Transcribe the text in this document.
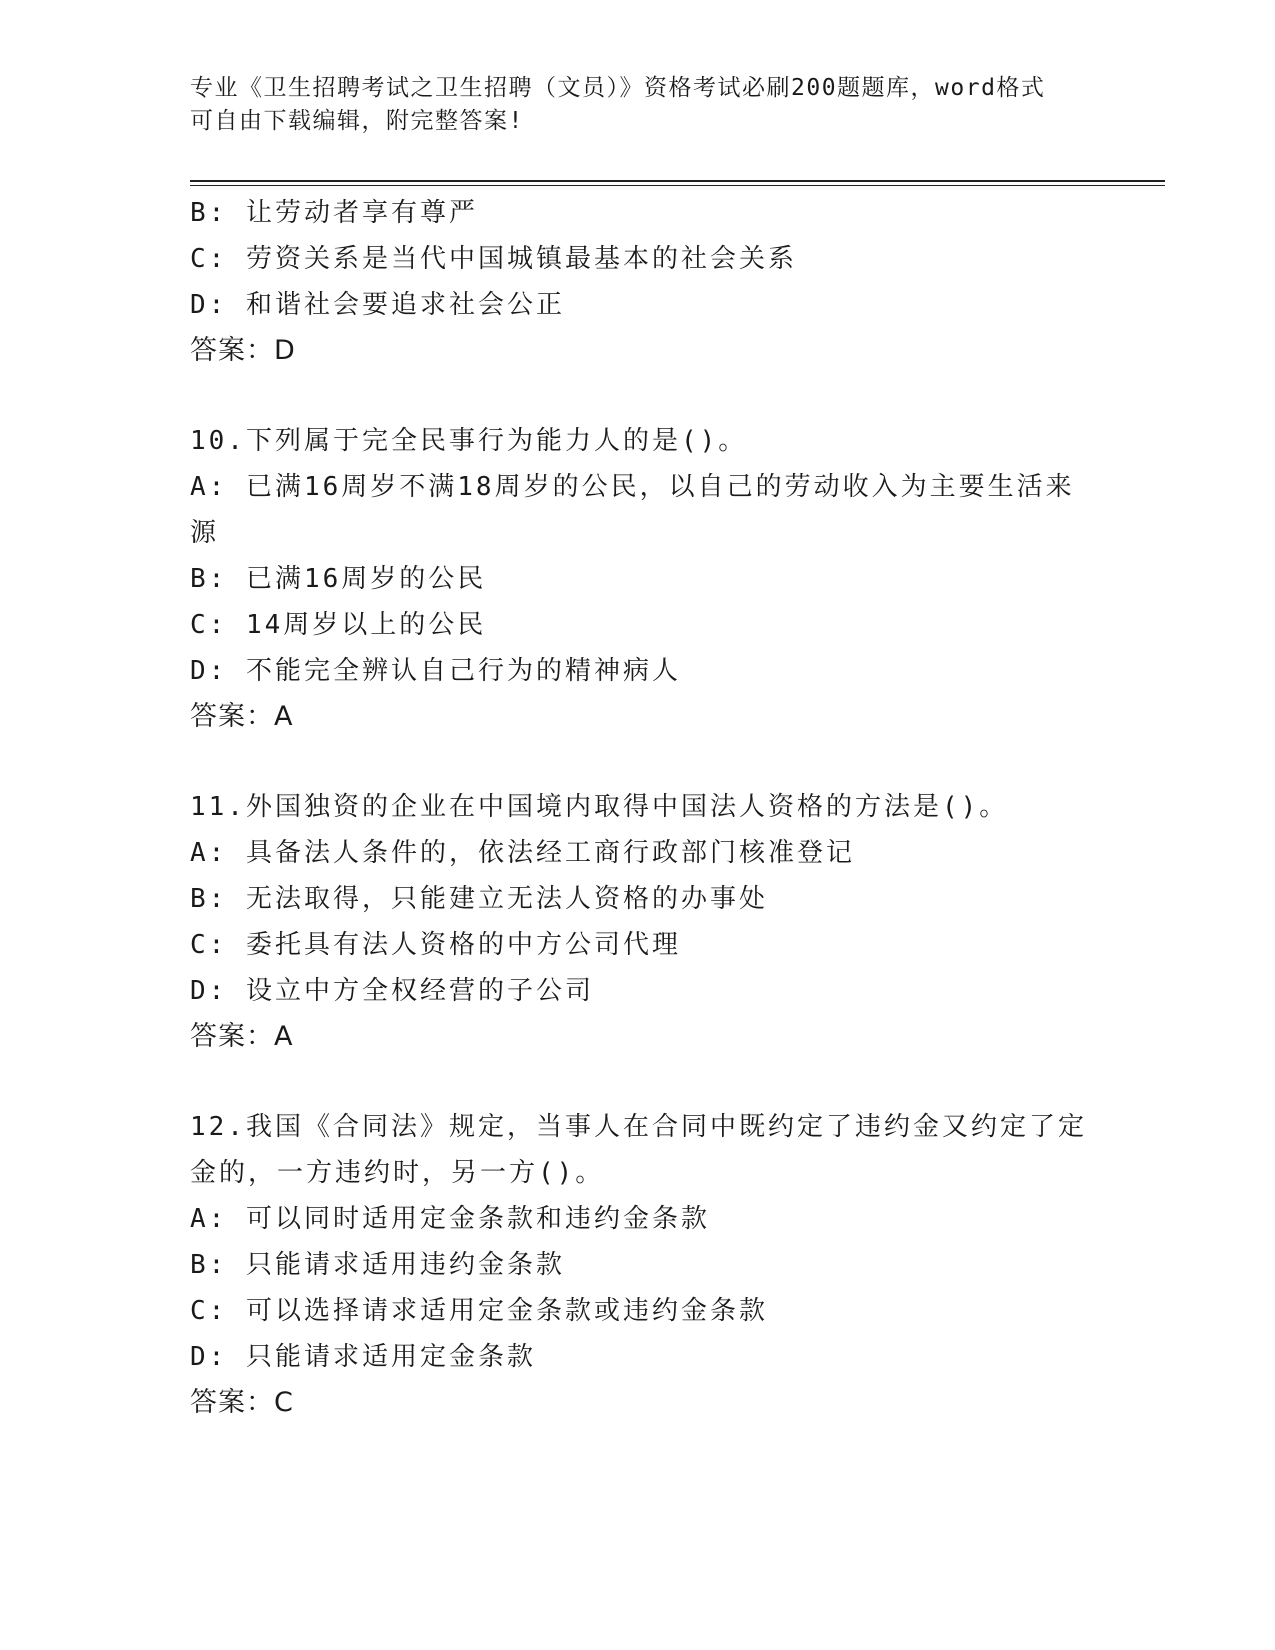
专业《卫生招聘考试之卫生招聘（文员）》资格考试必刷200题题库，word格式
可自由下载编辑，附完整答案!
B: 让劳动者享有尊严
C: 劳资关系是当代中国城镇最基本的社会关系
D: 和谐社会要追求社会公正
答案：D
10.下列属于完全民事行为能力人的是()。
A: 已满16周岁不满18周岁的公民，以自己的劳动收入为主要生活来
源
B: 已满16周岁的公民
C: 14周岁以上的公民
D: 不能完全辨认自己行为的精神病人
答案：A
11.外国独资的企业在中国境内取得中国法人资格的方法是()。
A: 具备法人条件的，依法经工商行政部门核准登记
B: 无法取得，只能建立无法人资格的办事处
C: 委托具有法人资格的中方公司代理
D: 设立中方全权经营的子公司
答案：A
12.我国《合同法》规定，当事人在合同中既约定了违约金又约定了定
金的，一方违约时，另一方()。
A: 可以同时适用定金条款和违约金条款
B: 只能请求适用违约金条款
C: 可以选择请求适用定金条款或违约金条款
D: 只能请求适用定金条款
答案：C
